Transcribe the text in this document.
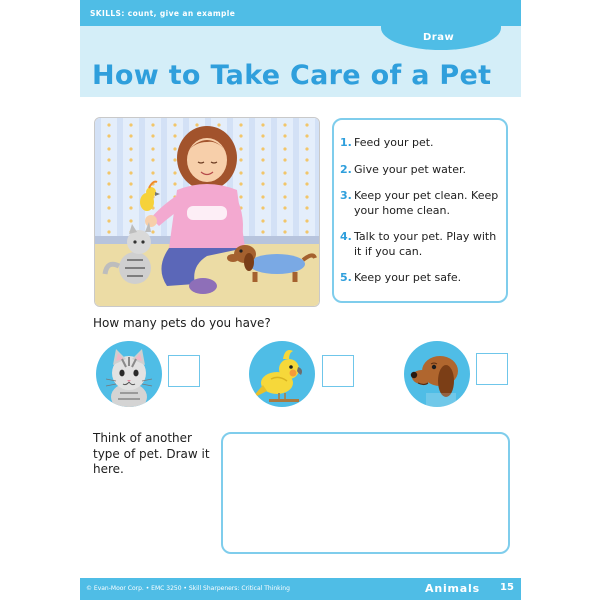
SKILLS: count, give an example
Draw
How to Take Care of a Pet
1. Feed your pet.
2. Give your pet water.
3. Keep your pet clean. Keep your home clean.
4. Talk to your pet. Play with it if you can.
5. Keep your pet safe.
How many pets do you have?
Think of another type of pet. Draw it here.
© Evan-Moor Corp. • EMC 3250 • Skill Sharpeners: Critical Thinking	Animals 15
